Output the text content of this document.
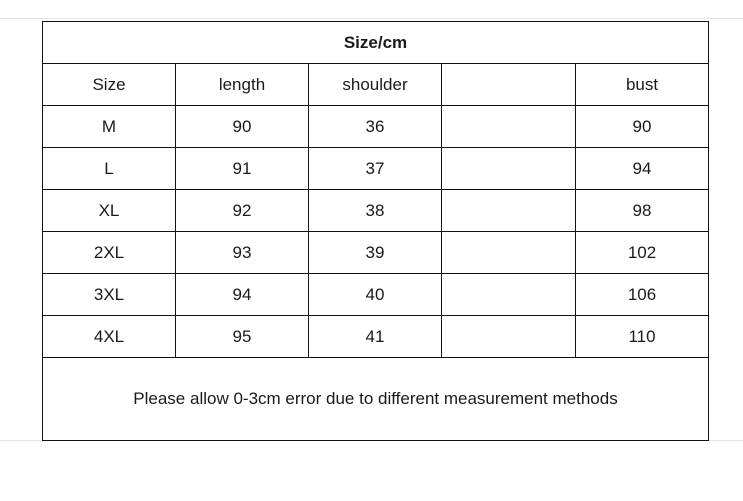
Size/cm				
Size	length	shoulder		bust
M	90	36		90
L	91	37		94
XL	92	38		98
2XL	93	39		102
3XL	94	40		106
4XL	95	41		110
Please allow 0-3cm error due to different measurement methods				
